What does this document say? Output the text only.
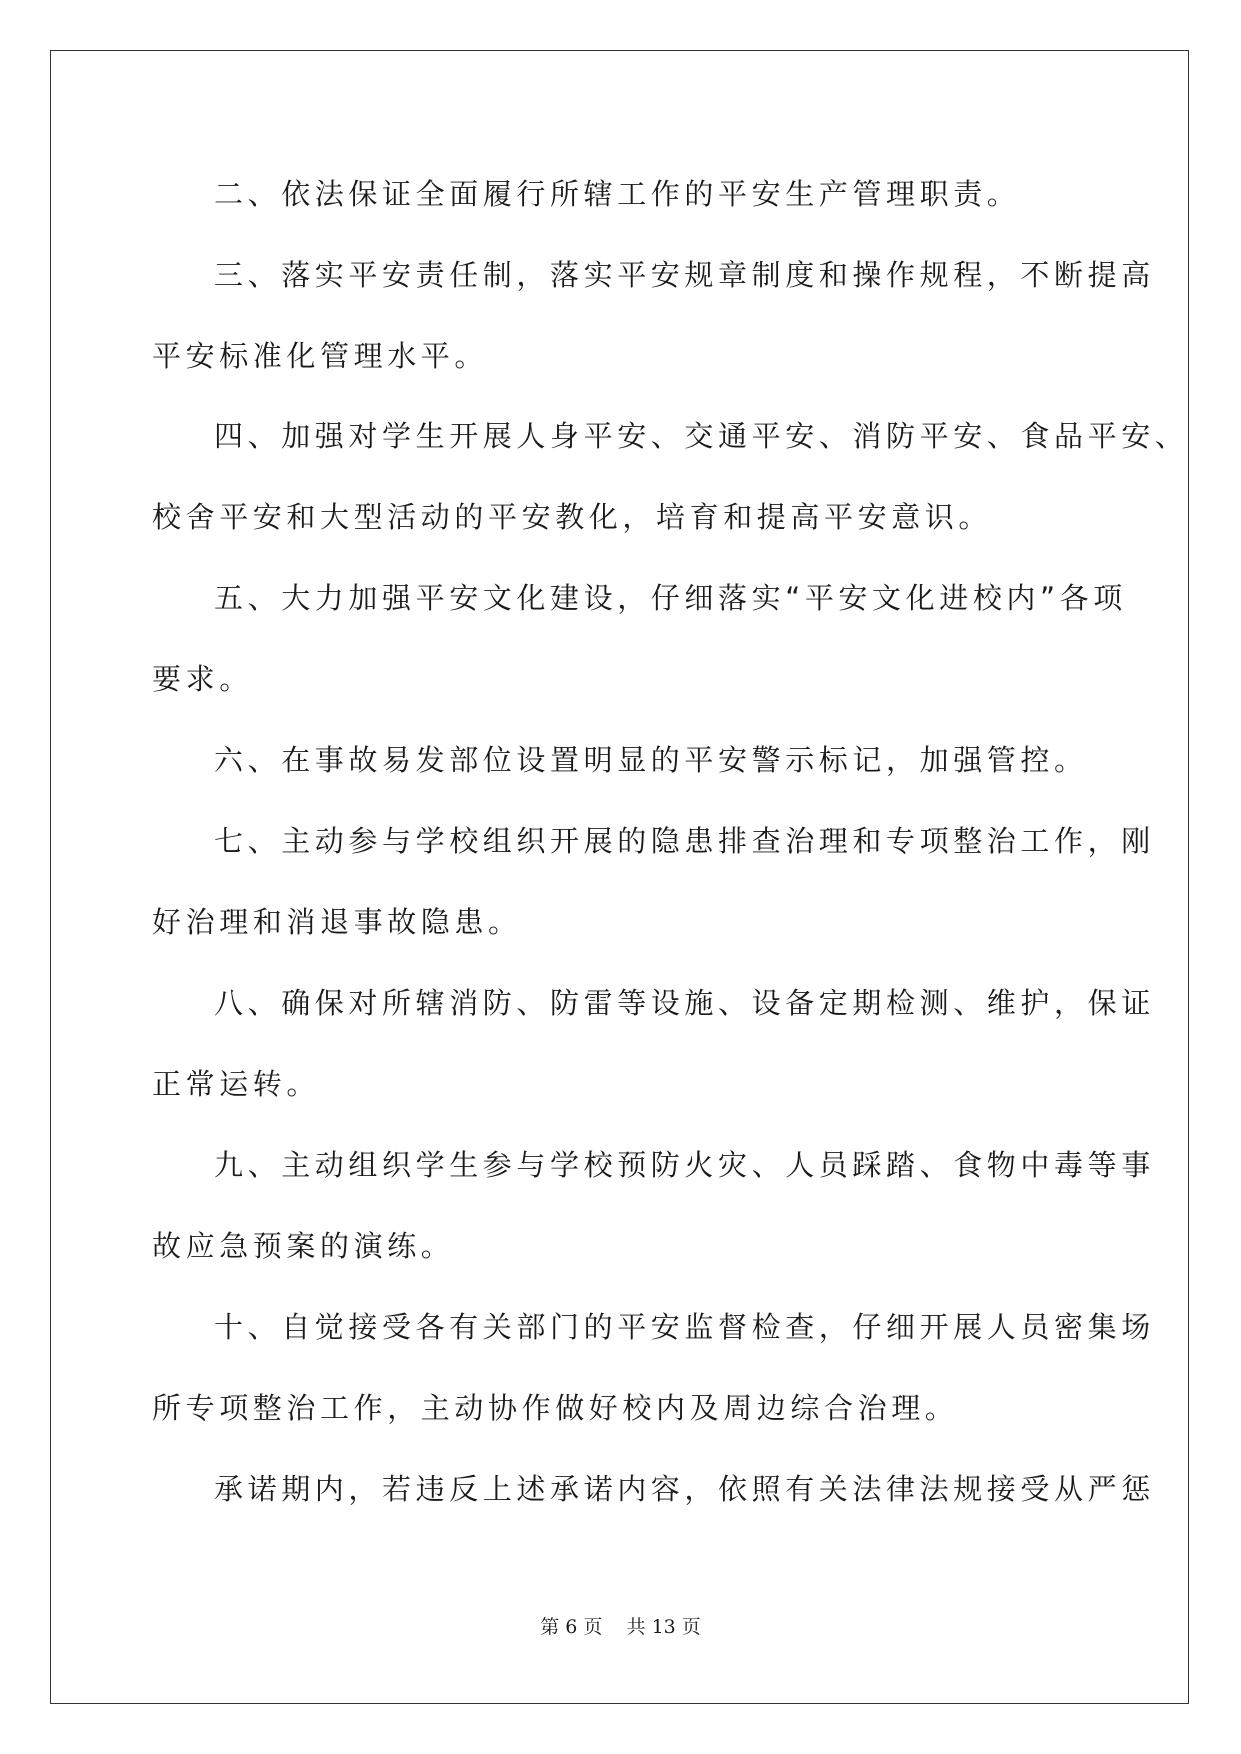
二、依法保证全面履行所辖工作的平安生产管理职责。
三、落实平安责任制，落实平安规章制度和操作规程，不断提高
平安标准化管理水平。
四、加强对学生开展人身平安、交通平安、消防平安、食品平安、
校舍平安和大型活动的平安教化，培育和提高平安意识。
五、大力加强平安文化建设，仔细落实“平安文化进校内”各项
要求。
六、在事故易发部位设置明显的平安警示标记，加强管控。
七、主动参与学校组织开展的隐患排查治理和专项整治工作，刚
好治理和消退事故隐患。
八、确保对所辖消防、防雷等设施、设备定期检测、维护，保证
正常运转。
九、主动组织学生参与学校预防火灾、人员踩踏、食物中毒等事
故应急预案的演练。
十、自觉接受各有关部门的平安监督检查，仔细开展人员密集场
所专项整治工作，主动协作做好校内及周边综合治理。
承诺期内，若违反上述承诺内容，依照有关法律法规接受从严惩
第 6 页 共 13 页
